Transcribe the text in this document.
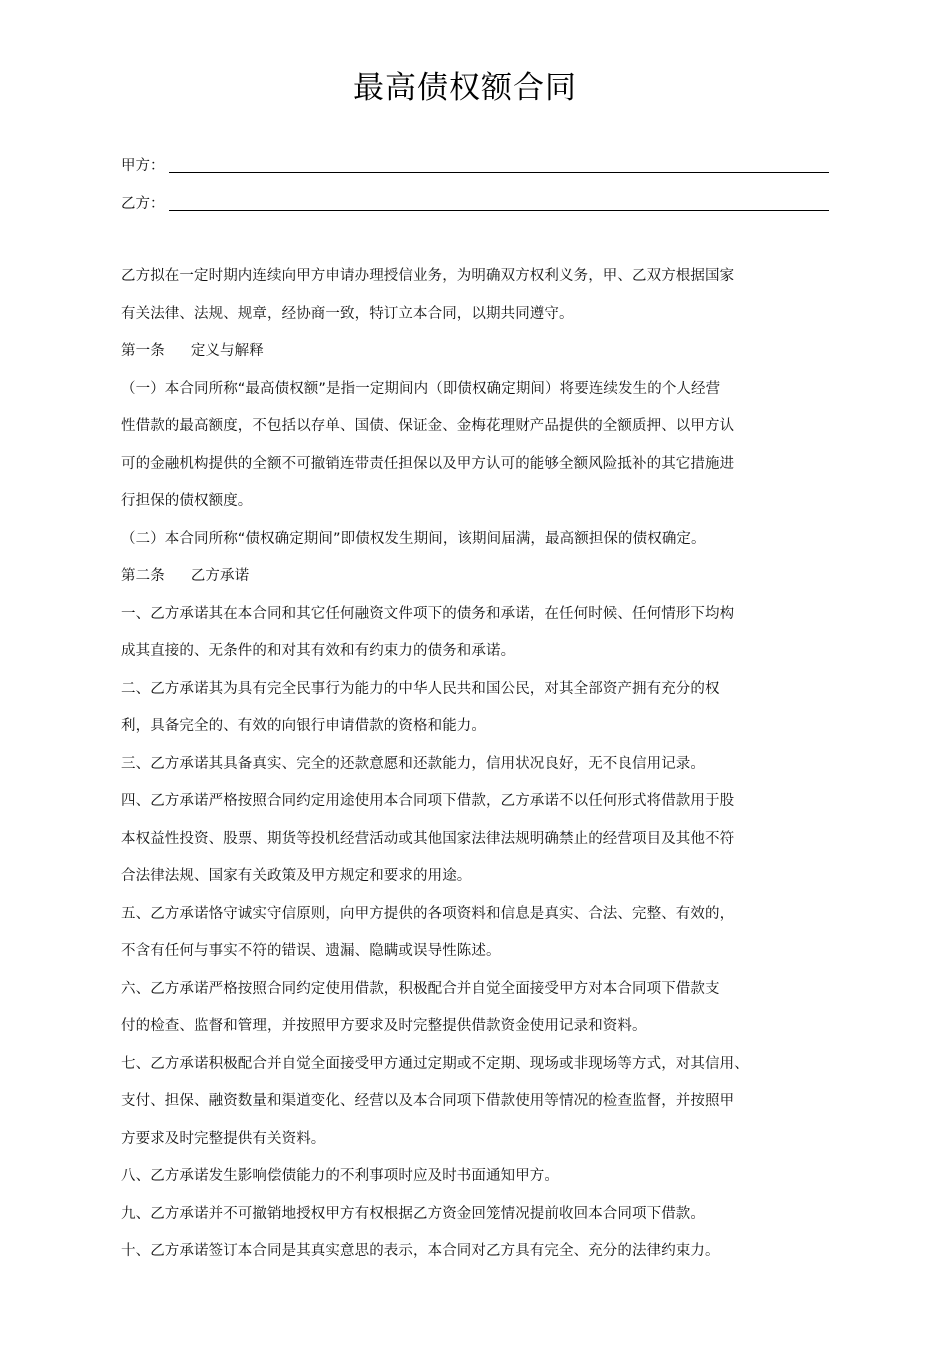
最高债权额合同
甲方：
乙方：
乙方拟在一定时期内连续向甲方申请办理授信业务，为明确双方权利义务，甲、乙双方根据国家
有关法律、法规、规章，经协商一致，特订立本合同，以期共同遵守。
第一条 定义与解释
（一）本合同所称“最高债权额”是指一定期间内（即债权确定期间）将要连续发生的个人经营
性借款的最高额度，不包括以存单、国债、保证金、金梅花理财产品提供的全额质押、以甲方认
可的金融机构提供的全额不可撤销连带责任担保以及甲方认可的能够全额风险抵补的其它措施进
行担保的债权额度。
（二）本合同所称“债权确定期间”即债权发生期间，该期间届满，最高额担保的债权确定。
第二条 乙方承诺
一、乙方承诺其在本合同和其它任何融资文件项下的债务和承诺，在任何时候、任何情形下均构
成其直接的、无条件的和对其有效和有约束力的债务和承诺。
二、乙方承诺其为具有完全民事行为能力的中华人民共和国公民，对其全部资产拥有充分的权
利，具备完全的、有效的向银行申请借款的资格和能力。
三、乙方承诺其具备真实、完全的还款意愿和还款能力，信用状况良好，无不良信用记录。
四、乙方承诺严格按照合同约定用途使用本合同项下借款，乙方承诺不以任何形式将借款用于股
本权益性投资、股票、期货等投机经营活动或其他国家法律法规明确禁止的经营项目及其他不符
合法律法规、国家有关政策及甲方规定和要求的用途。
五、乙方承诺恪守诚实守信原则，向甲方提供的各项资料和信息是真实、合法、完整、有效的，
不含有任何与事实不符的错误、遗漏、隐瞒或误导性陈述。
六、乙方承诺严格按照合同约定使用借款，积极配合并自觉全面接受甲方对本合同项下借款支
付的检查、监督和管理，并按照甲方要求及时完整提供借款资金使用记录和资料。
七、乙方承诺积极配合并自觉全面接受甲方通过定期或不定期、现场或非现场等方式，对其信用、
支付、担保、融资数量和渠道变化、经营以及本合同项下借款使用等情况的检查监督，并按照甲
方要求及时完整提供有关资料。
八、乙方承诺发生影响偿债能力的不利事项时应及时书面通知甲方。
九、乙方承诺并不可撤销地授权甲方有权根据乙方资金回笼情况提前收回本合同项下借款。
十、乙方承诺签订本合同是其真实意思的表示，本合同对乙方具有完全、充分的法律约束力。
